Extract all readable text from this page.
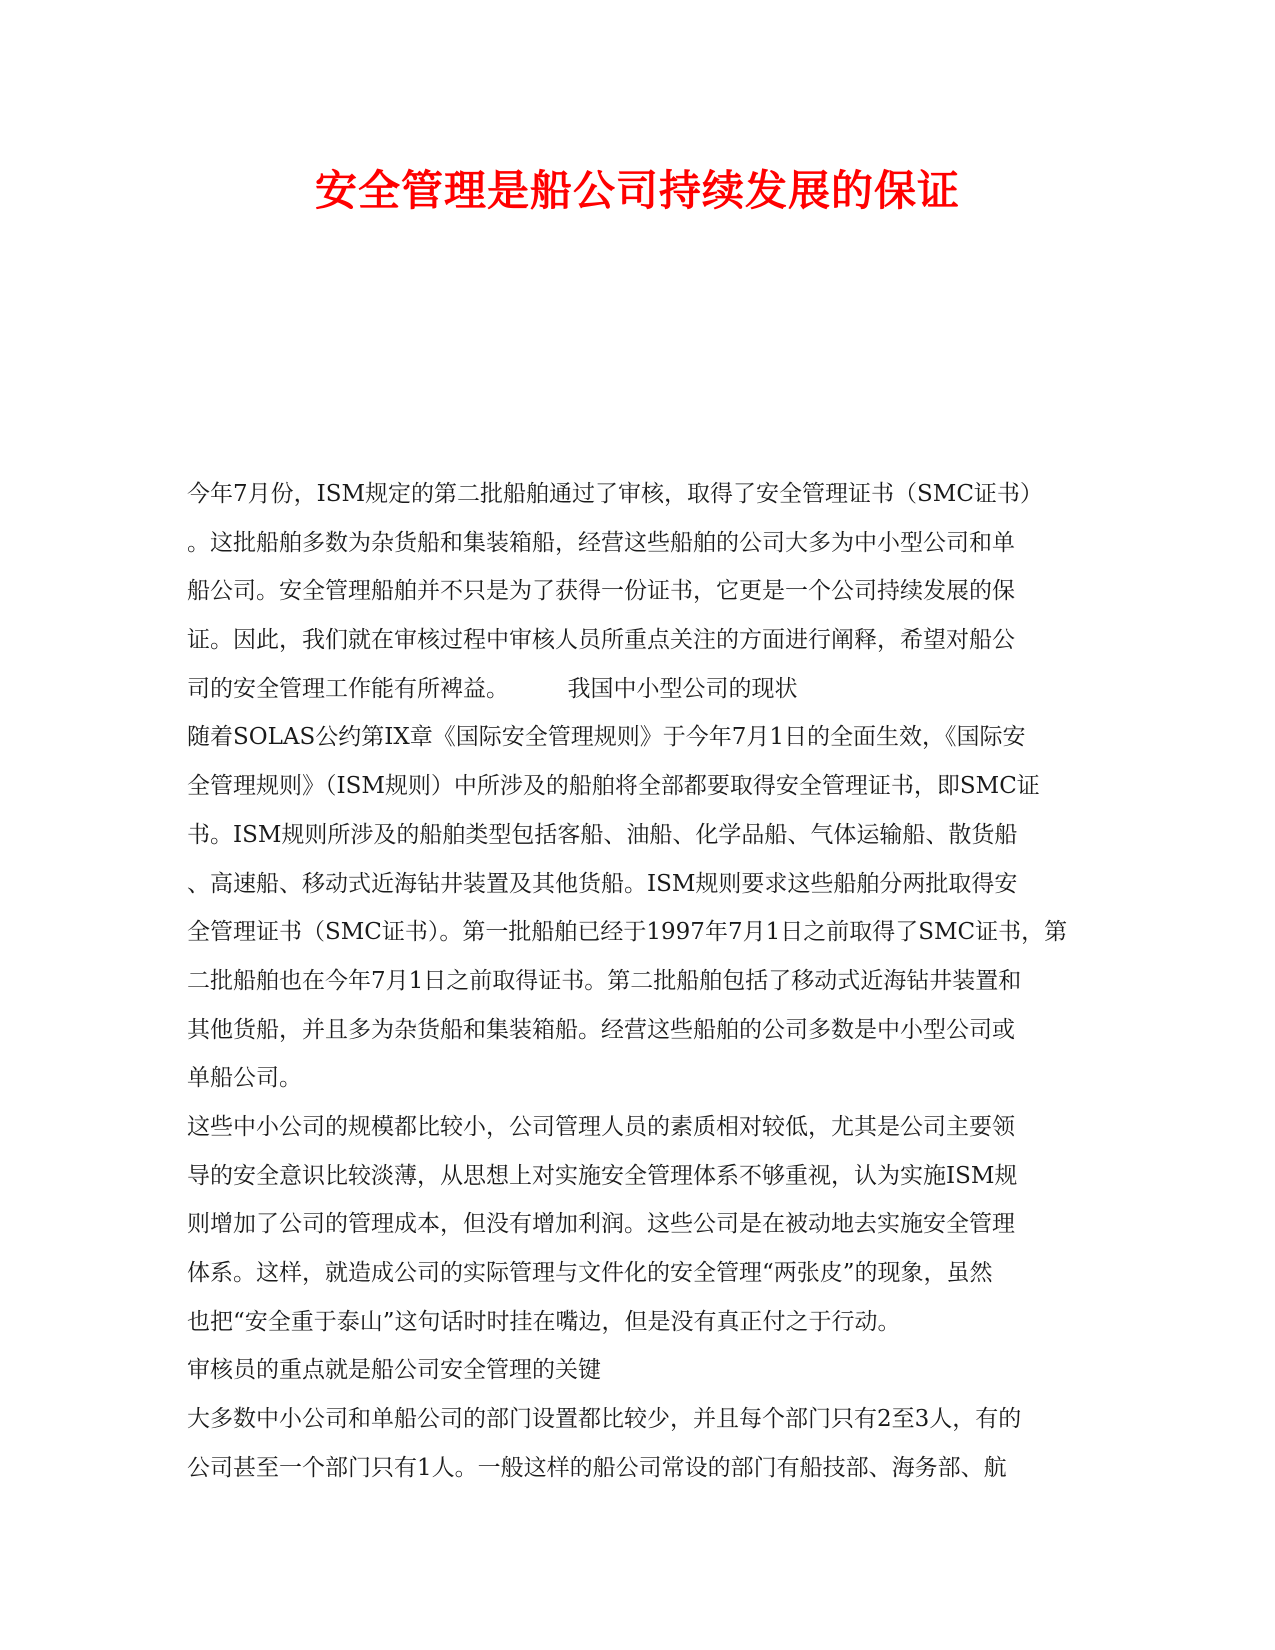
安全管理是船公司持续发展的保证
今年7月份，ISM规定的第二批船舶通过了审核，取得了安全管理证书（SMC证书）
。这批船舶多数为杂货船和集装箱船，经营这些船舶的公司大多为中小型公司和单
船公司。安全管理船舶并不只是为了获得一份证书，它更是一个公司持续发展的保
证。因此，我们就在审核过程中审核人员所重点关注的方面进行阐释，希望对船公
司的安全管理工作能有所裨益。        我国中小型公司的现状
随着SOLAS公约第IX章《国际安全管理规则》于今年7月1日的全面生效，《国际安
全管理规则》（ISM规则）中所涉及的船舶将全部都要取得安全管理证书，即SMC证
书。ISM规则所涉及的船舶类型包括客船、油船、化学品船、气体运输船、散货船
、高速船、移动式近海钻井装置及其他货船。ISM规则要求这些船舶分两批取得安
全管理证书（SMC证书）。第一批船舶已经于1997年7月1日之前取得了SMC证书，第
二批船舶也在今年7月1日之前取得证书。第二批船舶包括了移动式近海钻井装置和
其他货船，并且多为杂货船和集装箱船。经营这些船舶的公司多数是中小型公司或
单船公司。
这些中小公司的规模都比较小，公司管理人员的素质相对较低，尤其是公司主要领
导的安全意识比较淡薄，从思想上对实施安全管理体系不够重视，认为实施ISM规
则增加了公司的管理成本，但没有增加利润。这些公司是在被动地去实施安全管理
体系。这样，就造成公司的实际管理与文件化的安全管理“两张皮”的现象，虽然
也把“安全重于泰山”这句话时时挂在嘴边，但是没有真正付之于行动。
审核员的重点就是船公司安全管理的关键
大多数中小公司和单船公司的部门设置都比较少，并且每个部门只有2至3人，有的
公司甚至一个部门只有1人。一般这样的船公司常设的部门有船技部、海务部、航
